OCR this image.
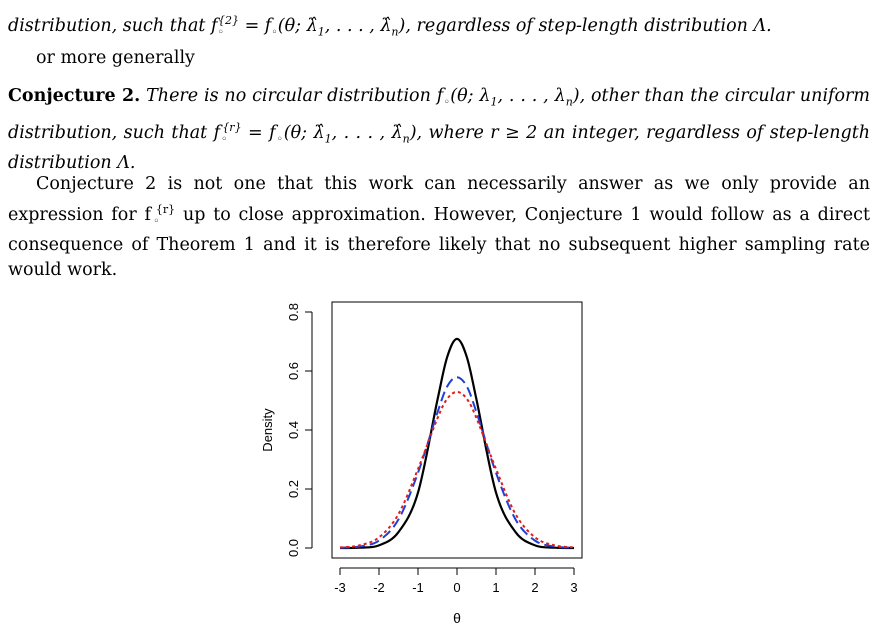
distribution, such that $f_◦^{\{2\}} = f_◦(\theta$; $\lambdâ_1$, . . . , $\lambdâ_n$), regardless of step-length distribution Λ.
or more generally
Conjecture 2. There is no circular distribution $f_◦(\theta$; $\lambda_1$, . . . , $\lambda_n$), other than the circular uniform distribution, such that $f_◦^{\{r\}} = f_◦(\theta$; $\lambdâ_1$, . . . , $\lambdâ_n$), where r ≥ 2 an integer, regardless of step-length distribution Λ.
Conjecture 2 is not one that this work can necessarily answer as we only provide an expression for $f_◦^{\{r\}}$ up to close approximation. However, Conjecture 1 would follow as a direct consequence of Theorem 1 and it is therefore likely that no subsequent higher sampling rate would work.
0.0
0.2
0.4
0.6
0.8
-3 -2 -1 0 1 2 3
Density
θ
